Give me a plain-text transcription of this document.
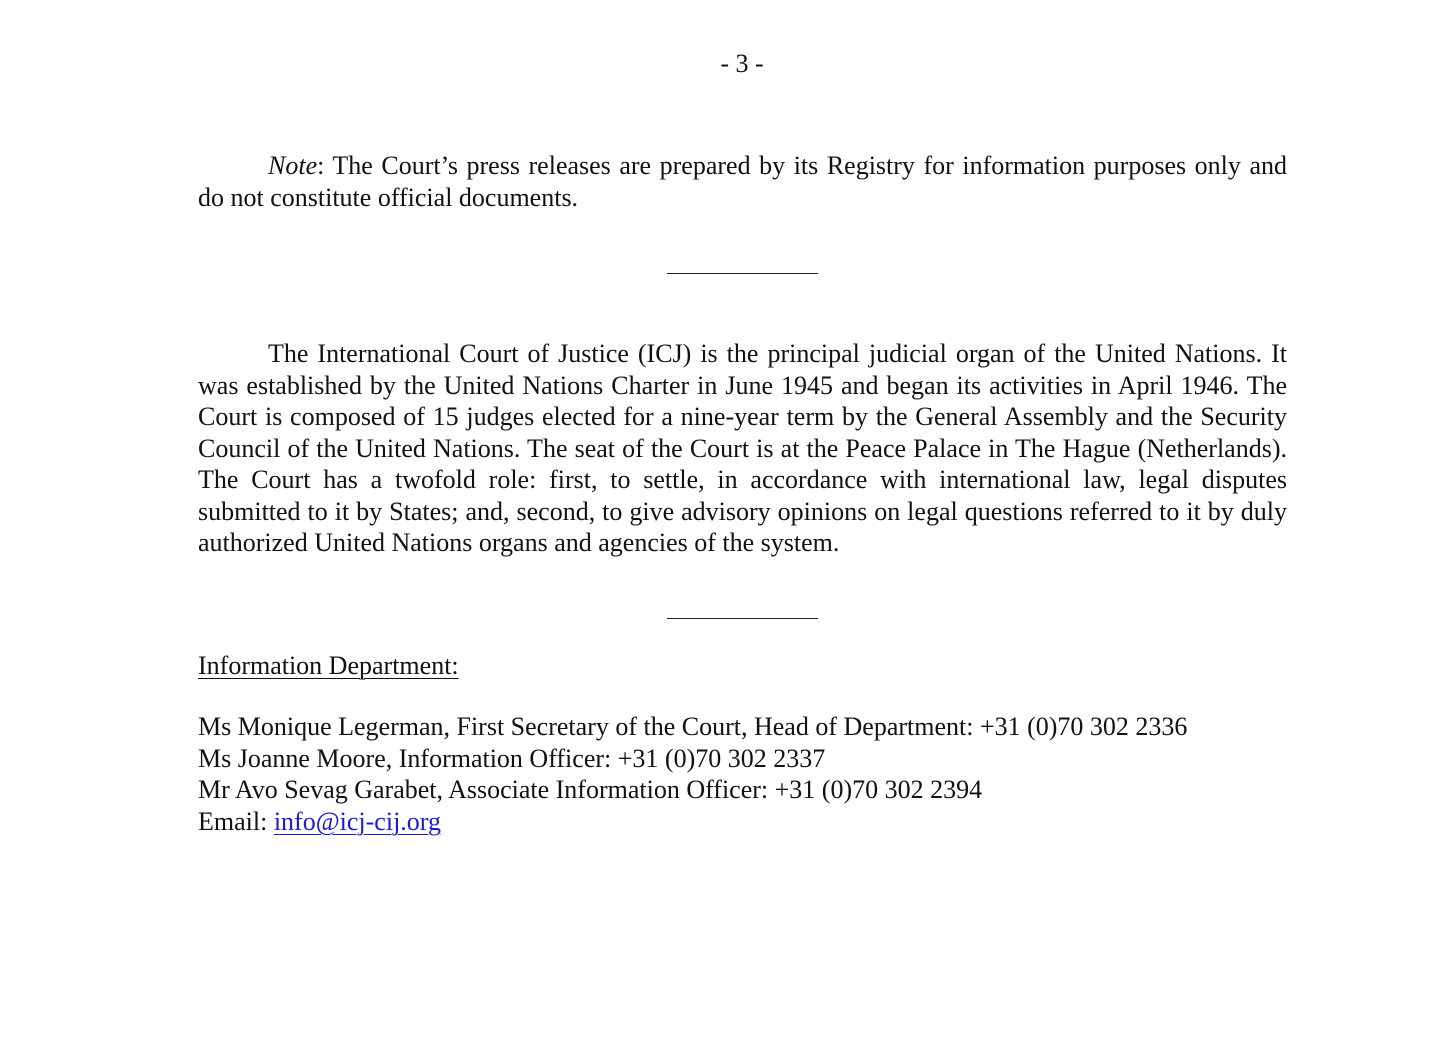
- 3 -

Note: The Court’s press releases are prepared by its Registry for information purposes only and do not constitute official documents.

The International Court of Justice (ICJ) is the principal judicial organ of the United Nations. It was established by the United Nations Charter in June 1945 and began its activities in April 1946. The Court is composed of 15 judges elected for a nine-year term by the General Assembly and the Security Council of the United Nations. The seat of the Court is at the Peace Palace in The Hague (Netherlands). The Court has a twofold role: first, to settle, in accordance with international law, legal disputes submitted to it by States; and, second, to give advisory opinions on legal questions referred to it by duly authorized United Nations organs and agencies of the system.

Information Department:
Ms Monique Legerman, First Secretary of the Court, Head of Department: +31 (0)70 302 2336
Ms Joanne Moore, Information Officer: +31 (0)70 302 2337
Mr Avo Sevag Garabet, Associate Information Officer: +31 (0)70 302 2394
Email: info@icj-cij.org
